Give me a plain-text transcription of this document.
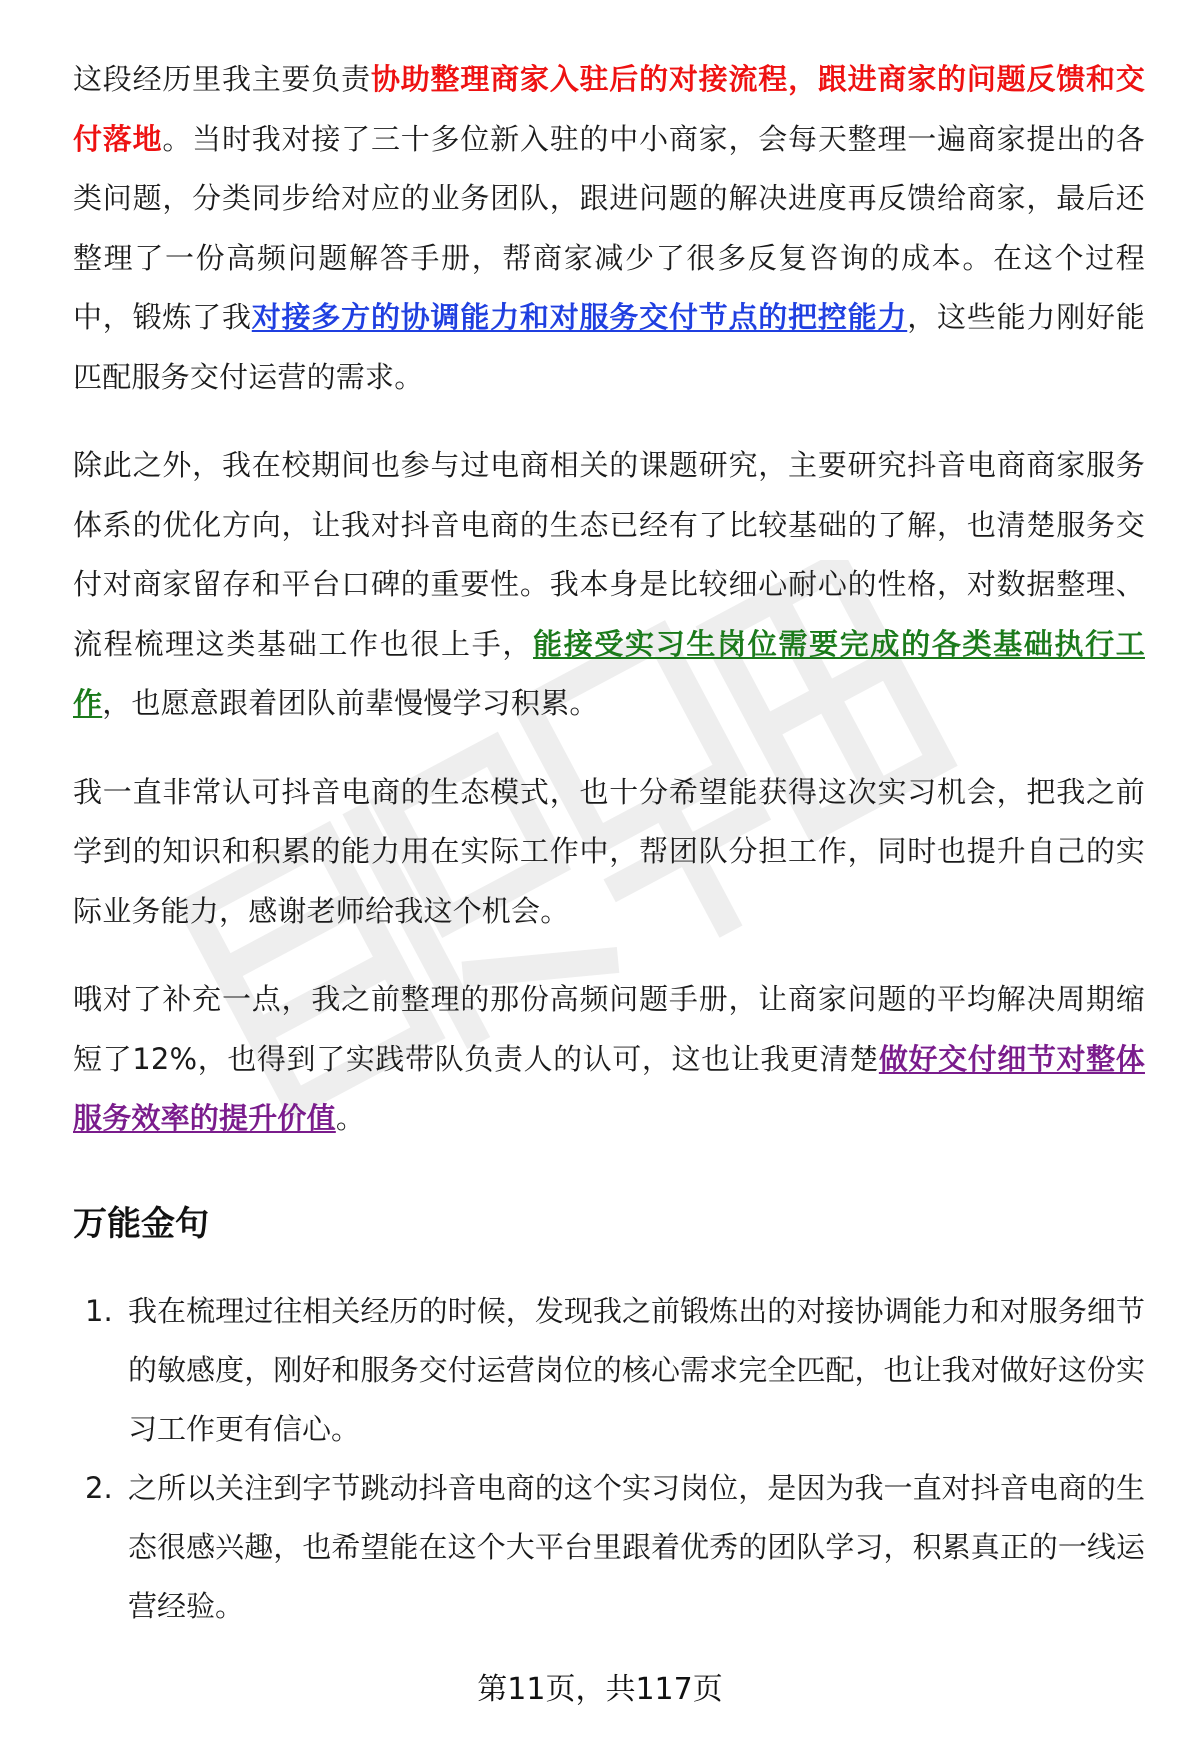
这段经历里我主要负责协助整理商家入驻后的对接流程，跟进商家的问题反馈和交付落地。当时我对接了三十多位新入驻的中小商家，会每天整理一遍商家提出的各类问题，分类同步给对应的业务团队，跟进问题的解决进度再反馈给商家，最后还整理了一份高频问题解答手册，帮商家减少了很多反复咨询的成本。在这个过程中，锻炼了我对接多方的协调能力和对服务交付节点的把控能力，这些能力刚好能匹配服务交付运营的需求。

除此之外，我在校期间也参与过电商相关的课题研究，主要研究抖音电商商家服务体系的优化方向，让我对抖音电商的生态已经有了比较基础的了解，也清楚服务交付对商家留存和平台口碑的重要性。我本身是比较细心耐心的性格，对数据整理、流程梳理这类基础工作也很上手，能接受实习生岗位需要完成的各类基础执行工作，也愿意跟着团队前辈慢慢学习积累。

我一直非常认可抖音电商的生态模式，也十分希望能获得这次实习机会，把我之前学到的知识和积累的能力用在实际工作中，帮团队分担工作，同时也提升自己的实际业务能力，感谢老师给我这个机会。

哦对了补充一点，我之前整理的那份高频问题手册，让商家问题的平均解决周期缩短了12%，也得到了实践带队负责人的认可，这也让我更清楚做好交付细节对整体服务效率的提升价值。

万能金句

1. 我在梳理过往相关经历的时候，发现我之前锻炼出的对接协调能力和对服务细节的敏感度，刚好和服务交付运营岗位的核心需求完全匹配，也让我对做好这份实习工作更有信心。

2. 之所以关注到字节跳动抖音电商的这个实习岗位，是因为我一直对抖音电商的生态很感兴趣，也希望能在这个大平台里跟着优秀的团队学习，积累真正的一线运营经验。

第11页，共117页
